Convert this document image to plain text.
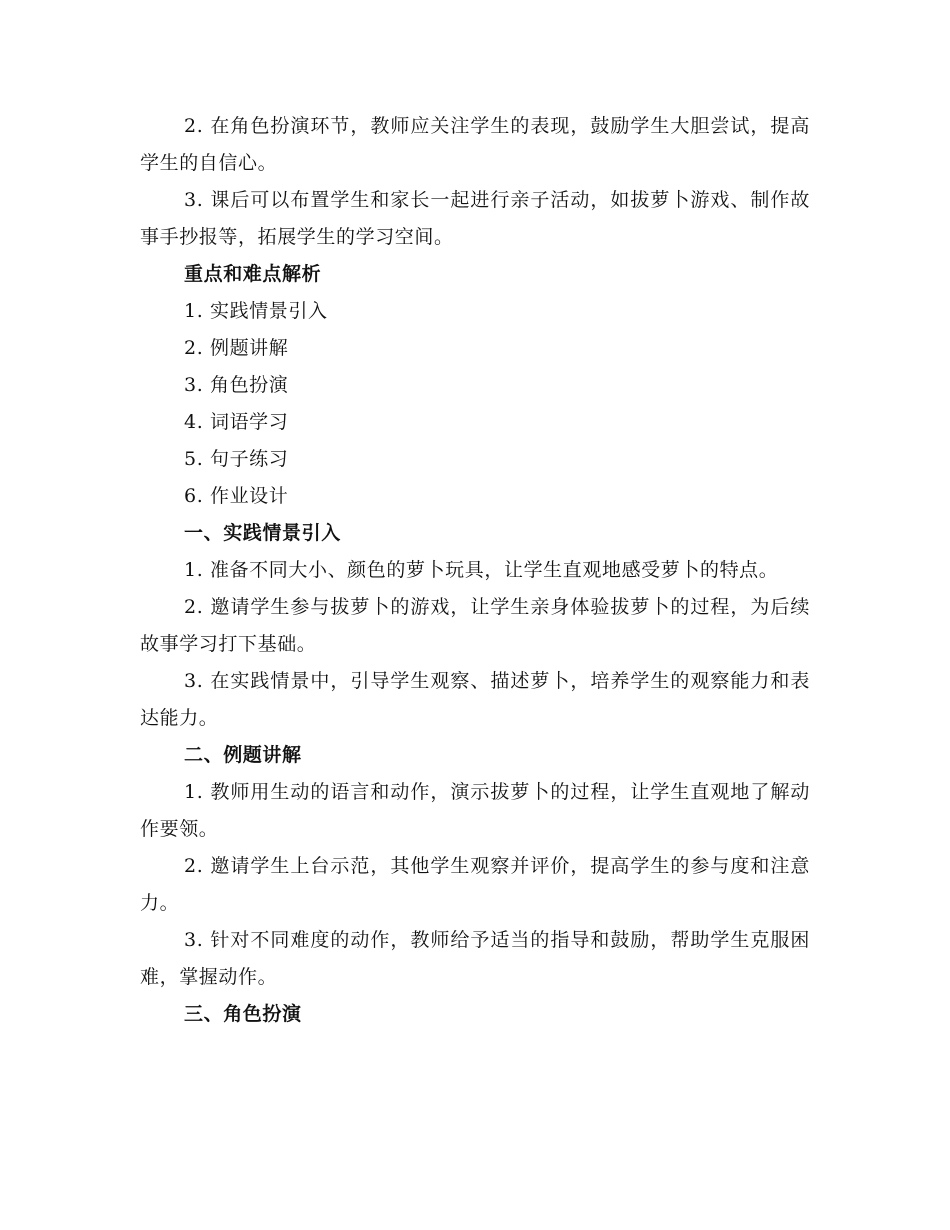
2. 在角色扮演环节，教师应关注学生的表现，鼓励学生大胆尝试，提高学生的自信心。

3. 课后可以布置学生和家长一起进行亲子活动，如拔萝卜游戏、制作故事手抄报等，拓展学生的学习空间。

重点和难点解析

1. 实践情景引入

2. 例题讲解

3. 角色扮演

4. 词语学习

5. 句子练习

6. 作业设计

一、实践情景引入

1. 准备不同大小、颜色的萝卜玩具，让学生直观地感受萝卜的特点。

2. 邀请学生参与拔萝卜的游戏，让学生亲身体验拔萝卜的过程，为后续故事学习打下基础。

3. 在实践情景中，引导学生观察、描述萝卜，培养学生的观察能力和表达能力。

二、例题讲解

1. 教师用生动的语言和动作，演示拔萝卜的过程，让学生直观地了解动作要领。

2. 邀请学生上台示范，其他学生观察并评价，提高学生的参与度和注意力。

3. 针对不同难度的动作，教师给予适当的指导和鼓励，帮助学生克服困难，掌握动作。

三、角色扮演
